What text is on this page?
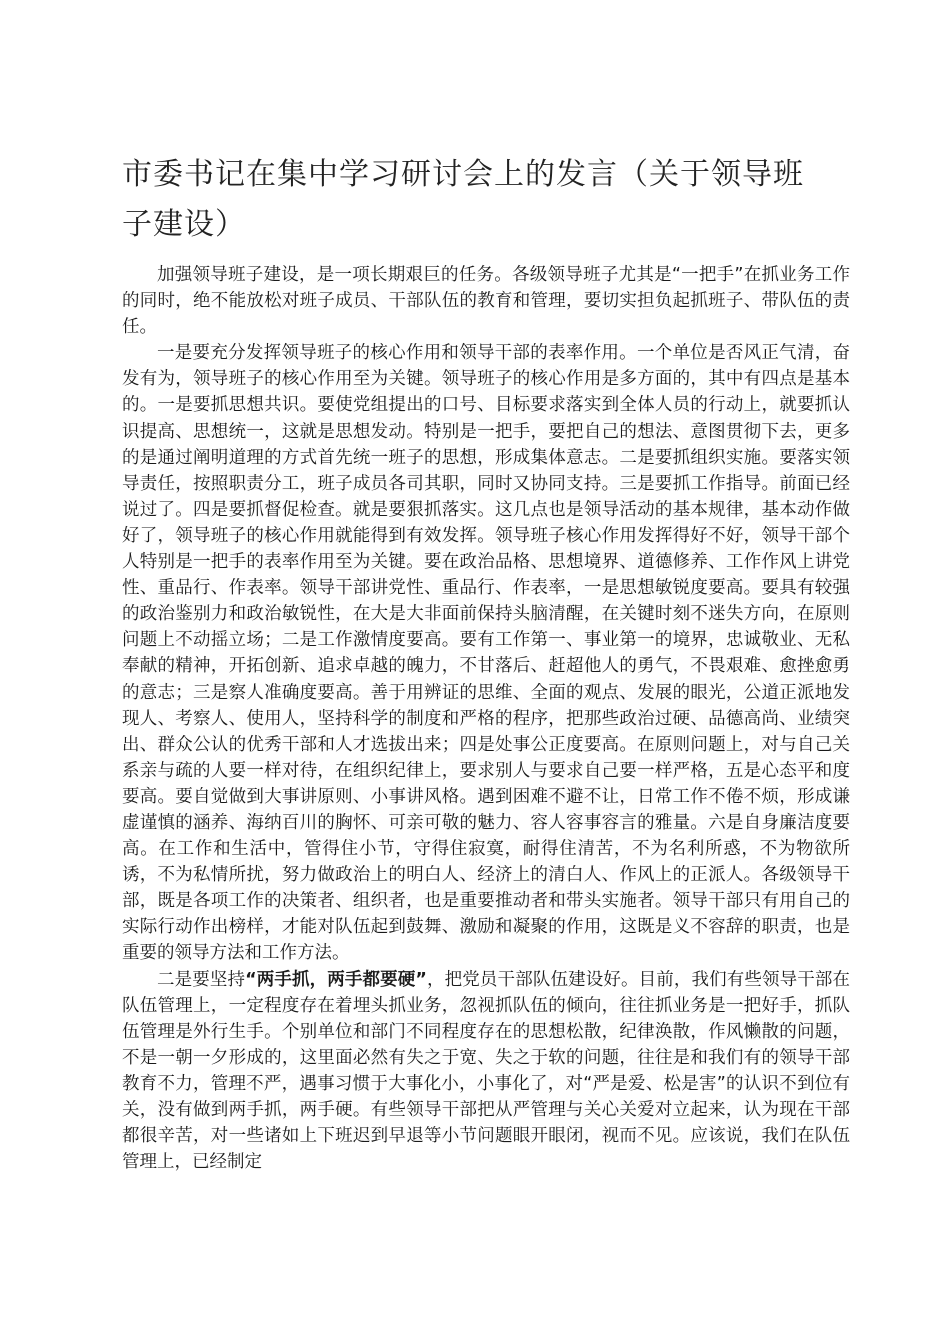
市委书记在集中学习研讨会上的发言（关于领导班子建设）

加强领导班子建设，是一项长期艰巨的任务。各级领导班子尤其是“一把手”在抓业务工作的同时，绝不能放松对班子成员、干部队伍的教育和管理，要切实担负起抓班子、带队伍的责任。

一是要充分发挥领导班子的核心作用和领导干部的表率作用。一个单位是否风正气清，奋发有为，领导班子的核心作用至为关键。领导班子的核心作用是多方面的，其中有四点是基本的。一是要抓思想共识。要使党组提出的口号、目标要求落实到全体人员的行动上，就要抓认识提高、思想统一，这就是思想发动。特别是一把手，要把自己的想法、意图贯彻下去，更多的是通过阐明道理的方式首先统一班子的思想，形成集体意志。二是要抓组织实施。要落实领导责任，按照职责分工，班子成员各司其职，同时又协同支持。三是要抓工作指导。前面已经说过了。四是要抓督促检查。就是要狠抓落实。这几点也是领导活动的基本规律，基本动作做好了，领导班子的核心作用就能得到有效发挥。领导班子核心作用发挥得好不好，领导干部个人特别是一把手的表率作用至为关键。要在政治品格、思想境界、道德修养、工作作风上讲党性、重品行、作表率。领导干部讲党性、重品行、作表率，一是思想敏锐度要高。要具有较强的政治鉴别力和政治敏锐性，在大是大非面前保持头脑清醒，在关键时刻不迷失方向，在原则问题上不动摇立场；二是工作激情度要高。要有工作第一、事业第一的境界，忠诚敬业、无私奉献的精神，开拓创新、追求卓越的魄力，不甘落后、赶超他人的勇气，不畏艰难、愈挫愈勇的意志；三是察人准确度要高。善于用辨证的思维、全面的观点、发展的眼光，公道正派地发现人、考察人、使用人，坚持科学的制度和严格的程序，把那些政治过硬、品德高尚、业绩突出、群众公认的优秀干部和人才选拔出来；四是处事公正度要高。在原则问题上，对与自己关系亲与疏的人要一样对待，在组织纪律上，要求别人与要求自己要一样严格，五是心态平和度要高。要自觉做到大事讲原则、小事讲风格。遇到困难不避不让，日常工作不倦不烦，形成谦虚谨慎的涵养、海纳百川的胸怀、可亲可敬的魅力、容人容事容言的雅量。六是自身廉洁度要高。在工作和生活中，管得住小节，守得住寂寞，耐得住清苦，不为名利所惑，不为物欲所诱，不为私情所扰，努力做政治上的明白人、经济上的清白人、作风上的正派人。各级领导干部，既是各项工作的决策者、组织者，也是重要推动者和带头实施者。领导干部只有用自己的实际行动作出榜样，才能对队伍起到鼓舞、激励和凝聚的作用，这既是义不容辞的职责，也是重要的领导方法和工作方法。

二是要坚持“两手抓，两手都要硬”，把党员干部队伍建设好。目前，我们有些领导干部在队伍管理上，一定程度存在着埋头抓业务，忽视抓队伍的倾向，往往抓业务是一把好手，抓队伍管理是外行生手。个别单位和部门不同程度存在的思想松散，纪律涣散，作风懒散的问题，不是一朝一夕形成的，这里面必然有失之于宽、失之于软的问题，往往是和我们有的领导干部教育不力，管理不严，遇事习惯于大事化小，小事化了，对“严是爱、松是害”的认识不到位有关，没有做到两手抓，两手硬。有些领导干部把从严管理与关心关爱对立起来，认为现在干部都很辛苦，对一些诸如上下班迟到早退等小节问题眼开眼闭，视而不见。应该说，我们在队伍管理上，已经制定
